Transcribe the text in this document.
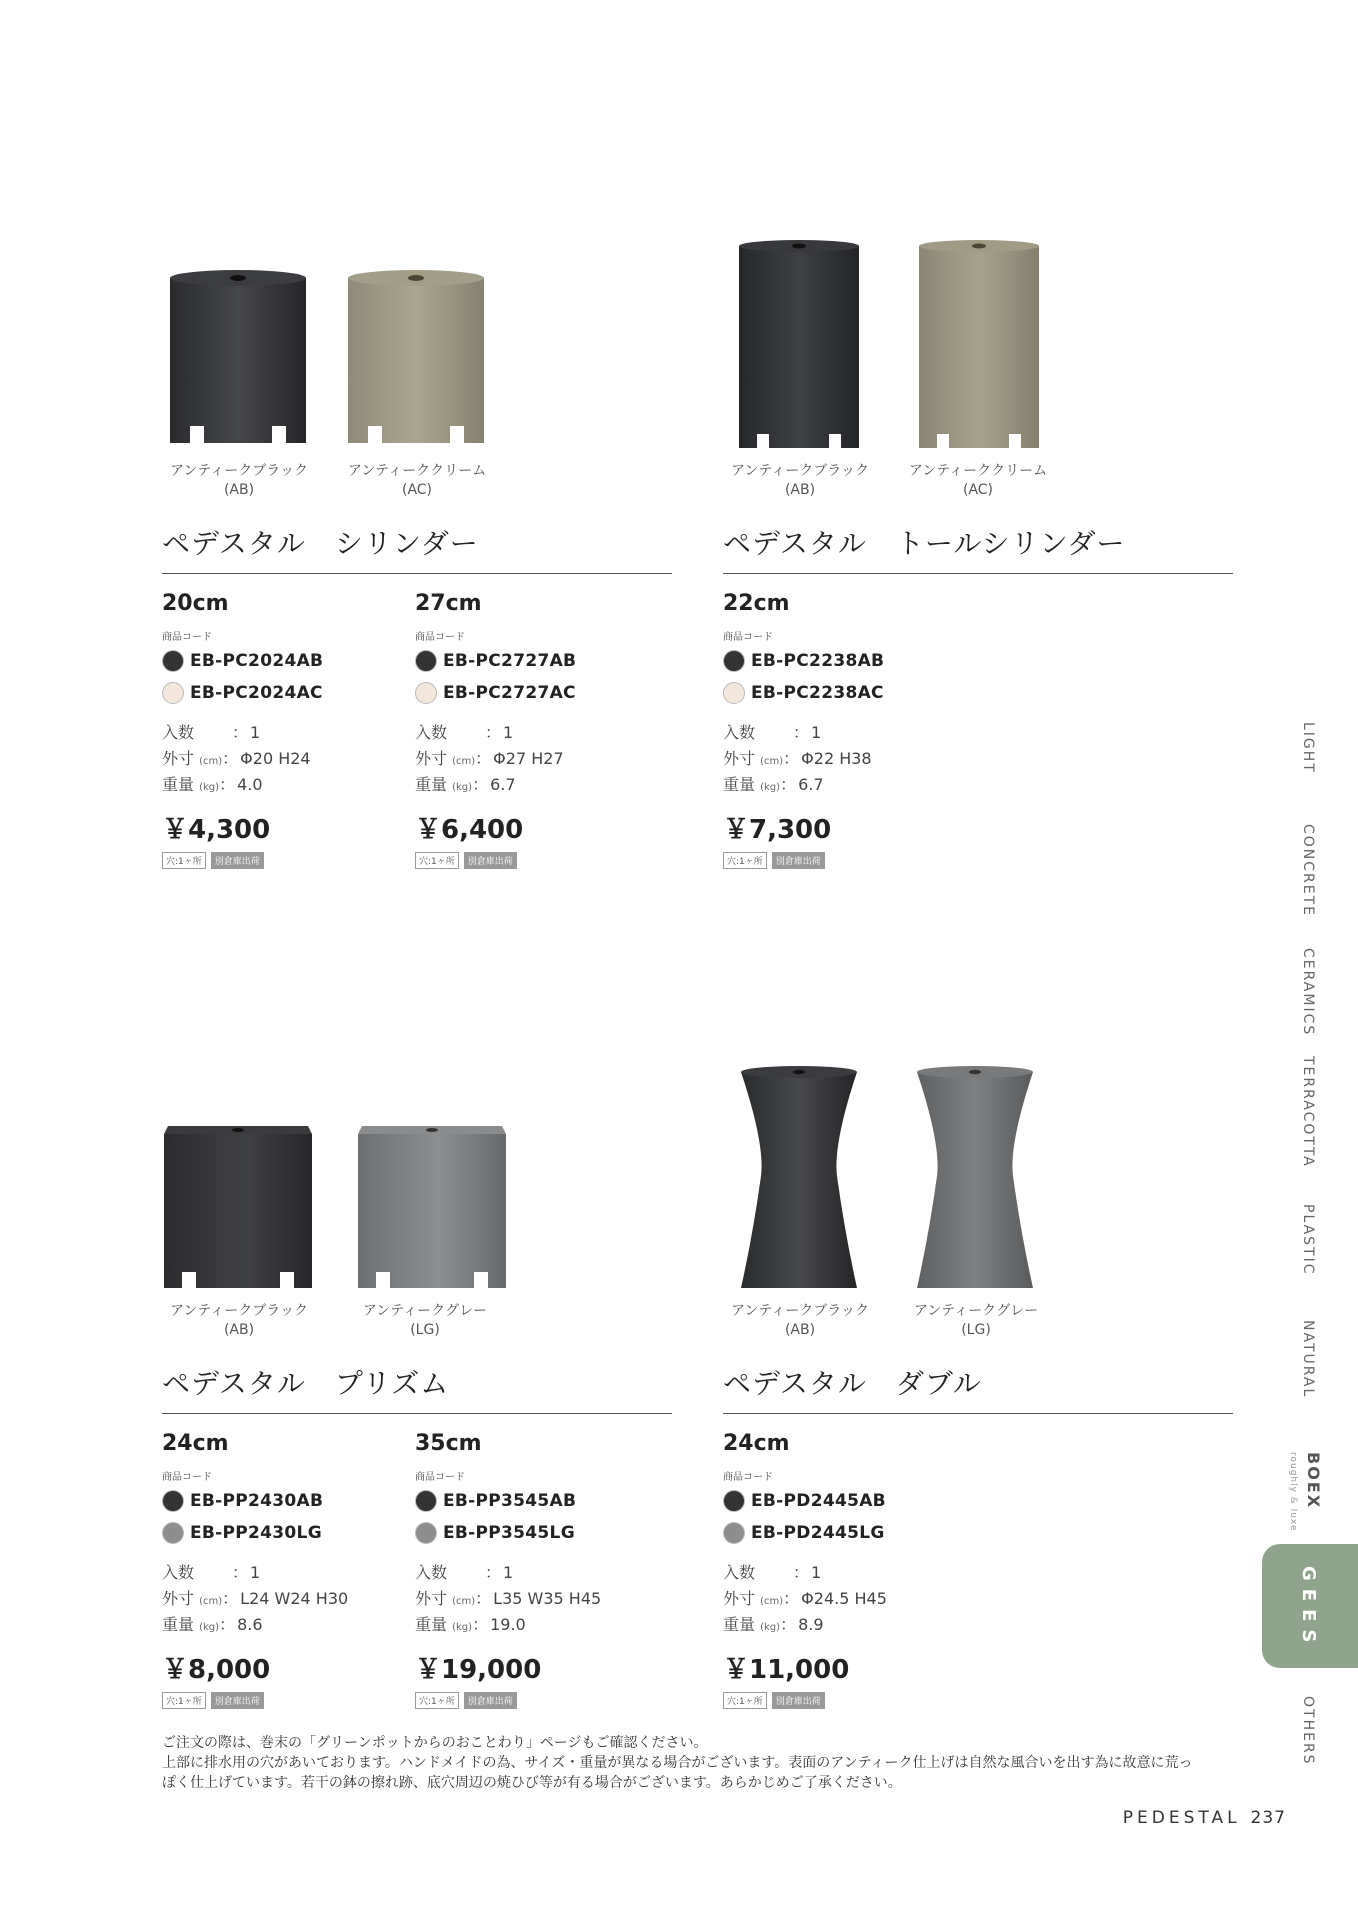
アンティークブラック
(AB)
アンティーククリーム
(AC)
ペデスタル　シリンダー
20cm
商品コード
EB-PC2024AB
EB-PC2024AC
入数 ： 1
外寸 (cm)： Φ20 H24
重量 (kg)： 4.0
￥4,300
穴:1ヶ所	別倉庫出荷
27cm
商品コード
EB-PC2727AB
EB-PC2727AC
入数 ： 1
外寸 (cm)： Φ27 H27
重量 (kg)： 6.7
￥6,400
穴:1ヶ所	別倉庫出荷
アンティークブラック
(AB)
アンティーククリーム
(AC)
ペデスタル　トールシリンダー
22cm
商品コード
EB-PC2238AB
EB-PC2238AC
入数 ： 1
外寸 (cm)： Φ22 H38
重量 (kg)： 6.7
￥7,300
穴:1ヶ所	別倉庫出荷
アンティークブラック
(AB)
アンティークグレー
(LG)
ペデスタル　プリズム
24cm
商品コード
EB-PP2430AB
EB-PP2430LG
入数 ： 1
外寸 (cm)： L24 W24 H30
重量 (kg)： 8.6
￥8,000
穴:1ヶ所	別倉庫出荷
35cm
商品コード
EB-PP3545AB
EB-PP3545LG
入数 ： 1
外寸 (cm)： L35 W35 H45
重量 (kg)： 19.0
￥19,000
穴:1ヶ所	別倉庫出荷
アンティークブラック
(AB)
アンティークグレー
(LG)
ペデスタル　ダブル
24cm
商品コード
EB-PD2445AB
EB-PD2445LG
入数 ： 1
外寸 (cm)： Φ24.5 H45
重量 (kg)： 8.9
￥11,000
穴:1ヶ所	別倉庫出荷
ご注文の際は、巻末の「グリーンポットからのおことわり」ページもご確認ください。
上部に排水用の穴があいております。ハンドメイドの為、サイズ・重量が異なる場合がございます。表面のアンティーク仕上げは自然な風合いを出す為に故意に荒っ
ぽく仕上げています。若干の鉢の擦れ跡、底穴周辺の焼ひび等が有る場合がございます。あらかじめご了承ください。
PEDESTAL 237
LIGHT
CONCRETE
CERAMICS
TERRACOTTA
PLASTIC
NATURAL
BOEX
roughly & luxe
GEES
OTHERS
